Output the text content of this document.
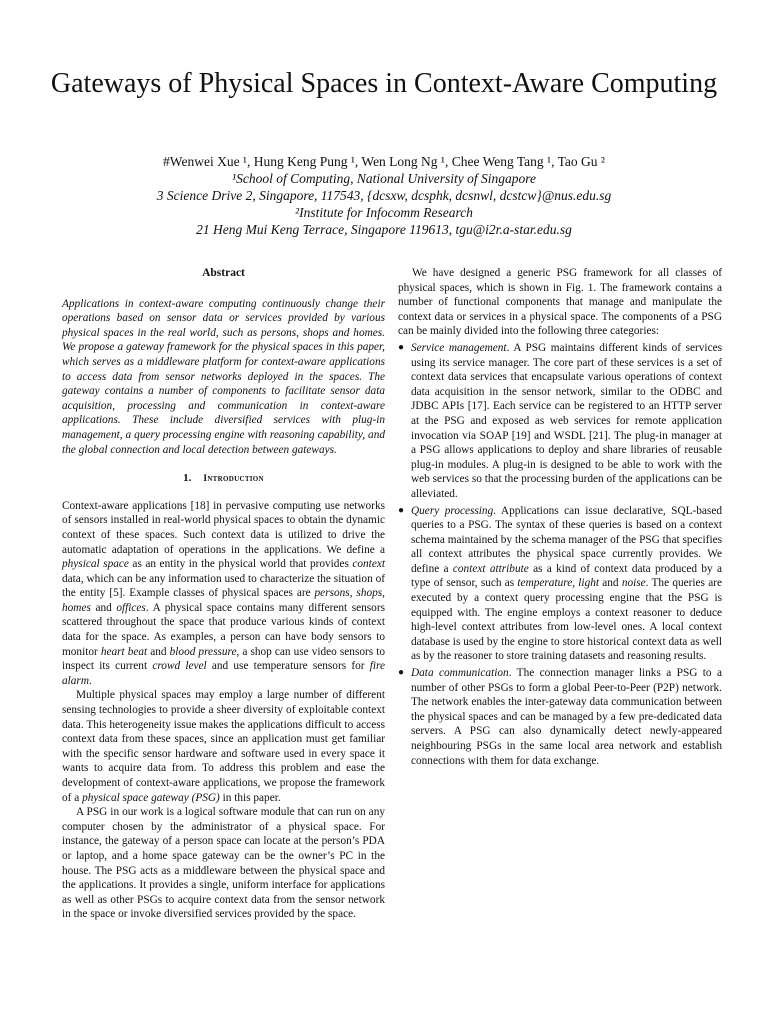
Gateways of Physical Spaces in Context-Aware Computing
#Wenwei Xue ¹, Hung Keng Pung ¹, Wen Long Ng ¹, Chee Weng Tang ¹, Tao Gu ²
¹School of Computing, National University of Singapore
3 Science Drive 2, Singapore, 117543, {dcsxw, dcsphk, dcsnwl, dcstcw}@nus.edu.sg
²Institute for Infocomm Research
21 Heng Mui Keng Terrace, Singapore 119613, tgu@i2r.a-star.edu.sg
Abstract

Applications in context-aware computing continuously change their operations based on sensor data or services provided by various physical spaces in the real world, such as persons, shops and homes. We propose a gateway framework for the physical spaces in this paper, which serves as a middleware platform for context-aware applications to access data from sensor networks deployed in the spaces. The gateway contains a number of components to facilitate sensor data acquisition, processing and communication in context-aware applications. These include diversified services with plug-in management, a query processing engine with reasoning capability, and the global connection and local detection between gateways.

1. Introduction

Context-aware applications [18] in pervasive computing use networks of sensors installed in real-world physical spaces to obtain the dynamic context of these spaces. Such context data is utilized to drive the automatic adaptation of operations in the applications. We define a physical space as an entity in the physical world that provides context data, which can be any information used to characterize the situation of the entity [5]. Example classes of physical spaces are persons, shops, homes and offices. A physical space contains many different sensors scattered throughout the space that produce various kinds of context data for the space. As examples, a person can have body sensors to monitor heart beat and blood pressure, a shop can use video sensors to inspect its current crowd level and use temperature sensors for fire alarm.

Multiple physical spaces may employ a large number of different sensing technologies to provide a sheer diversity of exploitable context data. This heterogeneity issue makes the applications difficult to access context data from these spaces, since an application must get familiar with the specific sensor hardware and software used in every space it wants to acquire data from. To address this problem and ease the development of context-aware applications, we propose the framework of a physical space gateway (PSG) in this paper.

A PSG in our work is a logical software module that can run on any computer chosen by the administrator of a physical space. For instance, the gateway of a person space can locate at the person’s PDA or laptop, and a home space gateway can be the owner’s PC in the house. The PSG acts as a middleware between the physical space and the applications. It provides a single, uniform interface for applications as well as other PSGs to acquire context data from the sensor network in the space or invoke diversified services provided by the space.

We have designed a generic PSG framework for all classes of physical spaces, which is shown in Fig. 1. The framework contains a number of functional components that manage and manipulate the context data or services in a physical space. The components of a PSG can be mainly divided into the following three categories:

● Service management. A PSG maintains different kinds of services using its service manager. The core part of these services is a set of context data services that encapsulate various operations of context data acquisition in the sensor network, similar to the ODBC and JDBC APIs [17]. Each service can be registered to an HTTP server at the PSG and exposed as web services for remote application invocation via SOAP [19] and WSDL [21]. The plug-in manager at a PSG allows applications to deploy and share libraries of reusable plug-in modules. A plug-in is designed to be able to work with the web services so that the processing burden of the applications can be alleviated.
● Query processing. Applications can issue declarative, SQL-based queries to a PSG. The syntax of these queries is based on a context schema maintained by the schema manager of the PSG that specifies all context attributes the physical space currently provides. We define a context attribute as a kind of context data produced by a type of sensor, such as temperature, light and noise. The queries are executed by a context query processing engine that the PSG is equipped with. The engine employs a context reasoner to deduce high-level context attributes from low-level ones. A local context database is used by the engine to store historical context data as well as by the reasoner to store training datasets and reasoning results.
● Data communication. The connection manager links a PSG to a number of other PSGs to form a global Peer-to-Peer (P2P) network. The network enables the inter-gateway data communication between the physical spaces and can be managed by a few pre-dedicated data servers. A PSG can also dynamically detect newly-appeared neighbouring PSGs in the same local area network and establish connections with them for data exchange.
